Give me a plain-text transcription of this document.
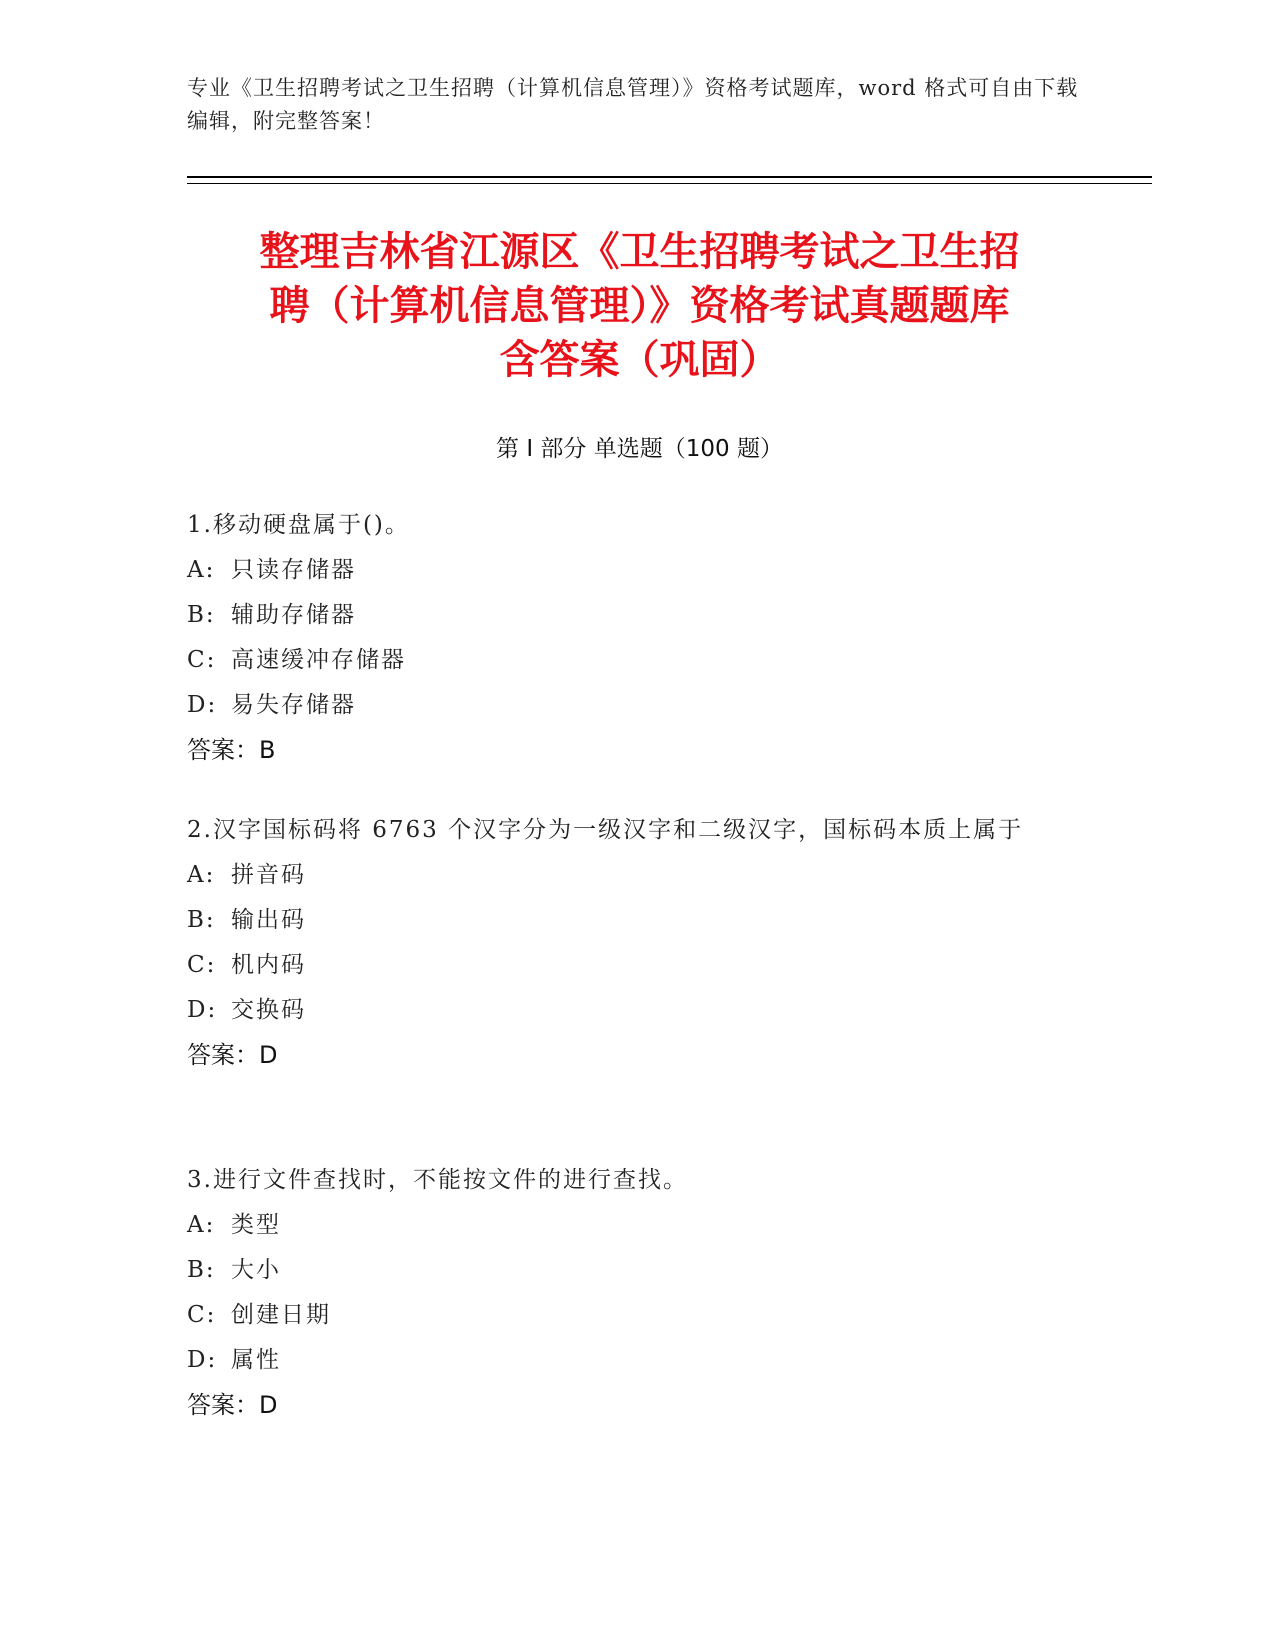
专业《卫生招聘考试之卫生招聘（计算机信息管理）》资格考试题库，word 格式可自由下载编辑，附完整答案！
整理吉林省江源区《卫生招聘考试之卫生招
聘（计算机信息管理）》资格考试真题题库
含答案（巩固）
第 I 部分 单选题（100 题）
1.移动硬盘属于()。
A: 只读存储器
B: 辅助存储器
C: 高速缓冲存储器
D: 易失存储器
答案：B
2.汉字国标码将 6763 个汉字分为一级汉字和二级汉字，国标码本质上属于
A: 拼音码
B: 输出码
C: 机内码
D: 交换码
答案：D
3.进行文件查找时，不能按文件的进行查找。
A: 类型
B: 大小
C: 创建日期
D: 属性
答案：D
